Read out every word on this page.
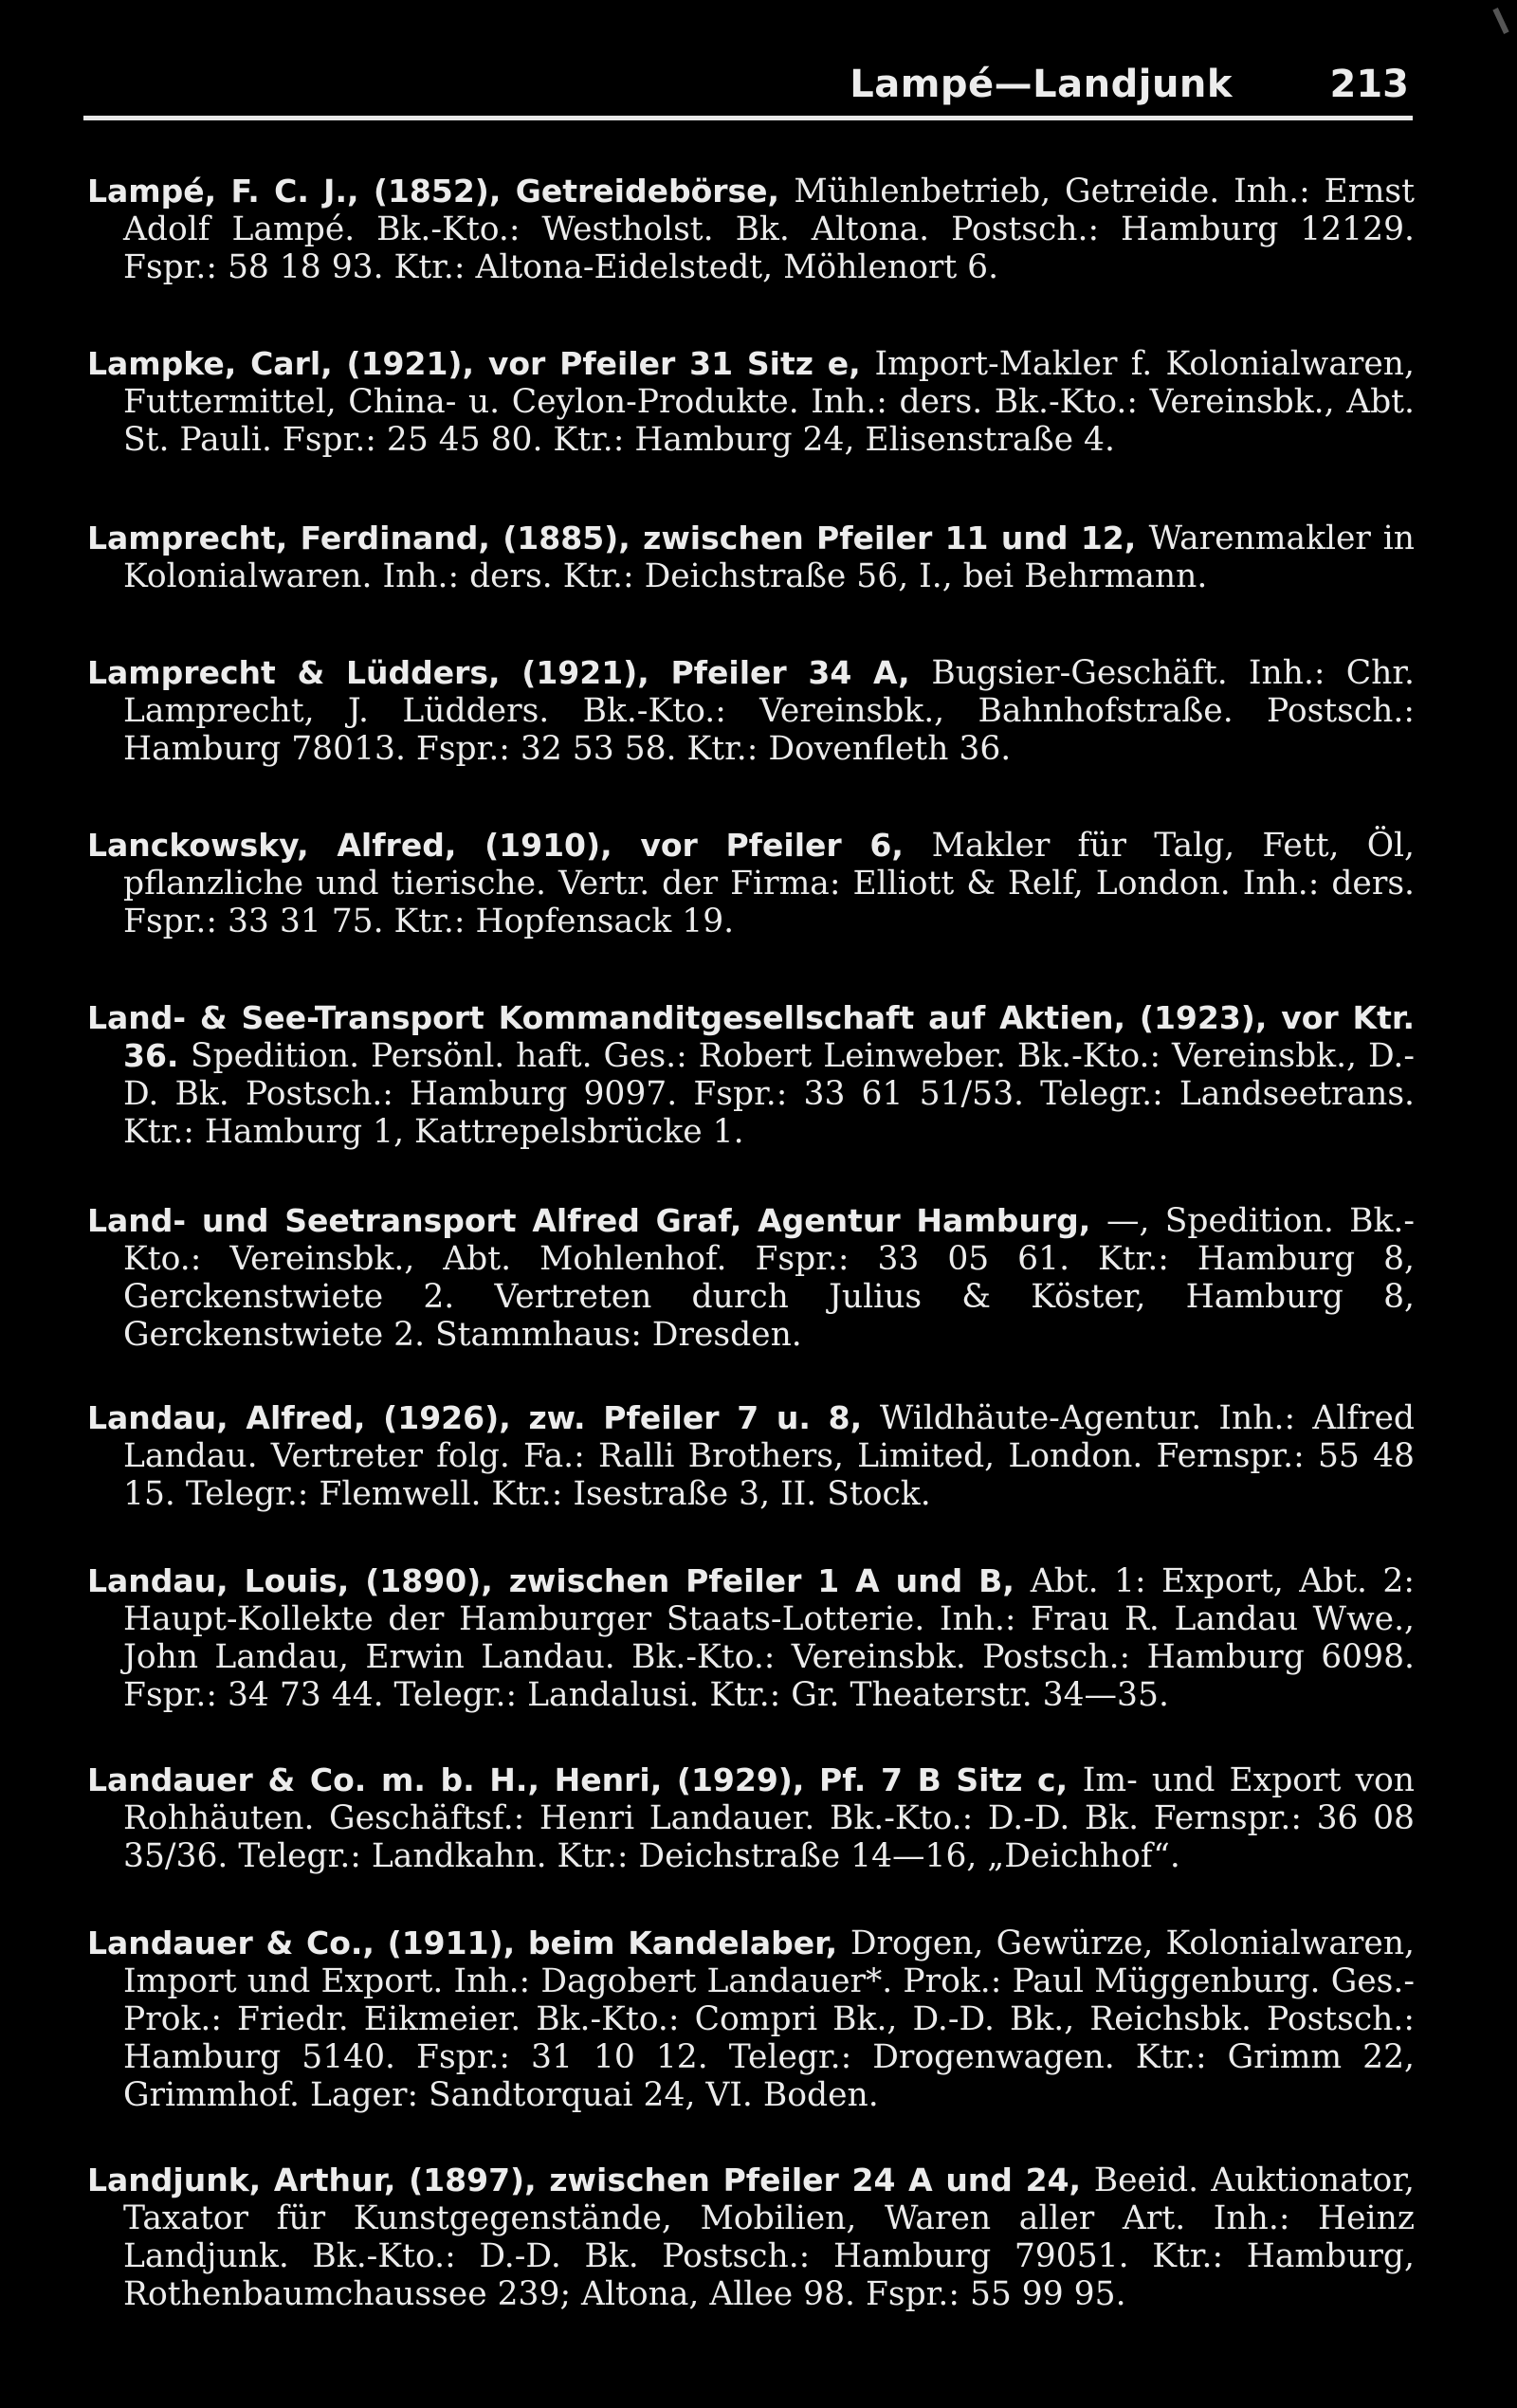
Lampé—Landjunk	213
Lampé, F. C. J., (1852), Getreidebörse, Mühlenbetrieb, Getreide. Inh.: Ernst Adolf Lampé. Bk.-Kto.: Westholst. Bk. Altona. Postsch.: Hamburg 12129. Fspr.: 58 18 93. Ktr.: Altona-Eidelstedt, Möhlenort 6.
Lampke, Carl, (1921), vor Pfeiler 31 Sitz e, Import-Makler f. Kolonialwaren, Futtermittel, China- u. Ceylon-Produkte. Inh.: ders. Bk.-Kto.: Vereinsbk., Abt. St. Pauli. Fspr.: 25 45 80. Ktr.: Hamburg 24, Elisenstraße 4.
Lamprecht, Ferdinand, (1885), zwischen Pfeiler 11 und 12, Warenmakler in Kolonialwaren. Inh.: ders. Ktr.: Deichstraße 56, I., bei Behrmann.
Lamprecht & Lüdders, (1921), Pfeiler 34 A, Bugsier-Geschäft. Inh.: Chr. Lamprecht, J. Lüdders. Bk.-Kto.: Vereinsbk., Bahnhofstraße. Postsch.: Hamburg 78013. Fspr.: 32 53 58. Ktr.: Dovenfleth 36.
Lanckowsky, Alfred, (1910), vor Pfeiler 6, Makler für Talg, Fett, Öl, pflanzliche und tierische. Vertr. der Firma: Elliott & Relf, London. Inh.: ders. Fspr.: 33 31 75. Ktr.: Hopfensack 19.
Land- & See-Transport Kommanditgesellschaft auf Aktien, (1923), vor Ktr. 36. Spedition. Persönl. haft. Ges.: Robert Leinweber. Bk.-Kto.: Vereinsbk., D.-D. Bk. Postsch.: Hamburg 9097. Fspr.: 33 61 51/53. Telegr.: Landseetrans. Ktr.: Hamburg 1, Kattrepelsbrücke 1.
Land- und Seetransport Alfred Graf, Agentur Hamburg, —, Spedition. Bk.-Kto.: Vereinsbk., Abt. Mohlenhof. Fspr.: 33 05 61. Ktr.: Hamburg 8, Gerckenstwiete 2. Vertreten durch Julius & Köster, Hamburg 8, Gerckenstwiete 2. Stammhaus: Dresden.
Landau, Alfred, (1926), zw. Pfeiler 7 u. 8, Wildhäute-Agentur. Inh.: Alfred Landau. Vertreter folg. Fa.: Ralli Brothers, Limited, London. Fernspr.: 55 48 15. Telegr.: Flemwell. Ktr.: Isestraße 3, II. Stock.
Landau, Louis, (1890), zwischen Pfeiler 1 A und B, Abt. 1: Export, Abt. 2: Haupt-Kollekte der Hamburger Staats-Lotterie. Inh.: Frau R. Landau Wwe., John Landau, Erwin Landau. Bk.-Kto.: Vereinsbk. Postsch.: Hamburg 6098. Fspr.: 34 73 44. Telegr.: Landalusi. Ktr.: Gr. Theaterstr. 34—35.
Landauer & Co. m. b. H., Henri, (1929), Pf. 7 B Sitz c, Im- und Export von Rohhäuten. Geschäftsf.: Henri Landauer. Bk.-Kto.: D.-D. Bk. Fernspr.: 36 08 35/36. Telegr.: Landkahn. Ktr.: Deichstraße 14—16, „Deichhof“.
Landauer & Co., (1911), beim Kandelaber, Drogen, Gewürze, Kolonialwaren, Import und Export. Inh.: Dagobert Landauer*. Prok.: Paul Müggenburg. Ges.-Prok.: Friedr. Eikmeier. Bk.-Kto.: Compri Bk., D.-D. Bk., Reichsbk. Postsch.: Hamburg 5140. Fspr.: 31 10 12. Telegr.: Drogenwagen. Ktr.: Grimm 22, Grimmhof. Lager: Sandtorquai 24, VI. Boden.
Landjunk, Arthur, (1897), zwischen Pfeiler 24 A und 24, Beeid. Auktionator, Taxator für Kunstgegenstände, Mobilien, Waren aller Art. Inh.: Heinz Landjunk. Bk.-Kto.: D.-D. Bk. Postsch.: Hamburg 79051. Ktr.: Hamburg, Rothenbaumchaussee 239; Altona, Allee 98. Fspr.: 55 99 95.
